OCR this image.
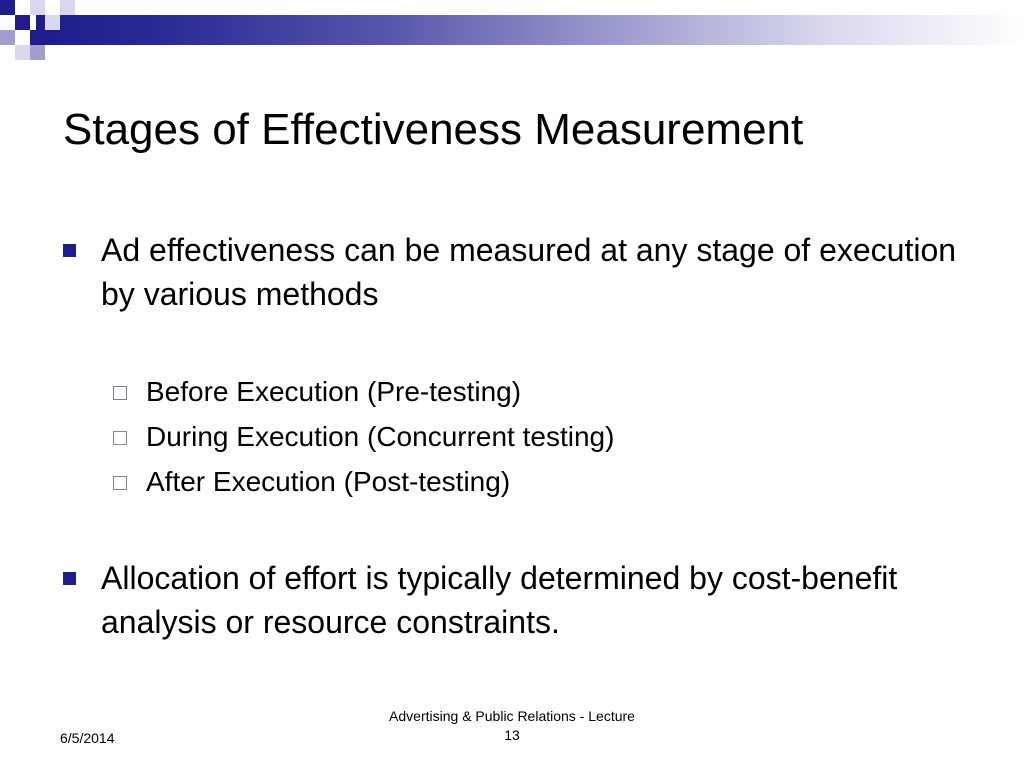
Stages of Effectiveness Measurement
Ad effectiveness can be measured at any stage of execution by various methods
Before Execution (Pre-testing)
During Execution (Concurrent testing)
After Execution (Post-testing)
Allocation of effort is typically determined by cost-benefit analysis or resource constraints.
6/5/2014
Advertising & Public Relations - Lecture
13
